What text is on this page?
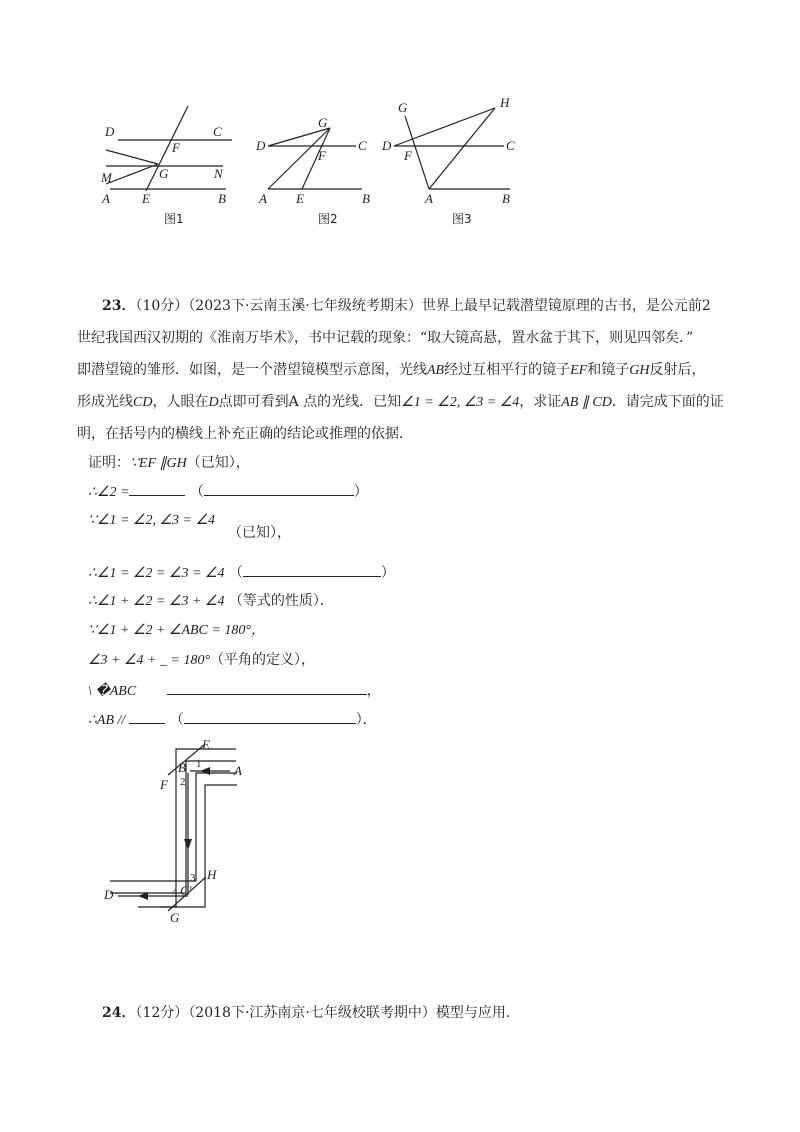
D	C
F
M	G	N
A E	B
图1
G
D	C
F
A E	B
图2
G	H
D
F
C
A	B
图3
23．（10分）（2023下·云南玉溪·七年级统考期末）世界上最早记载潜望镜原理的古书，是公元前2
世纪我国西汉初期的《淮南万毕术》，书中记载的现象：“取大镜高悬，置水盆于其下，则见四邻矣．”
即潜望镜的雏形．如图，是一个潜望镜模型示意图，光线AB经过互相平行的镜子EF和镜子GH反射后，
形成光线CD，人眼在D点即可看到A 点的光线．已知∠1 = ∠2, ∠3 = ∠4，求证AB ∥ CD．请完成下面的证
明，在括号内的横线上补充正确的结论或推理的依据．
证明：∵EF ∥GH（已知），
∴∠2 =	（	）
∵∠1 = ∠2, ∠3 = ∠4
（已知），
∴∠1 = ∠2 = ∠3 = ∠4 （	）
∴∠1 + ∠2 = ∠3 + ∠4 （等式的性质）．
∵∠1 + ∠2 + ∠ABC = 180°，
∠3 + ∠4 + _ = 180°（平角的定义），
\ �ABC	，
∴AB //	（	）．
E
B 1	A
F 2
H
3
D	4 C'
G
24．（12分）（2018下·江苏南京·七年级校联考期中）模型与应用.
